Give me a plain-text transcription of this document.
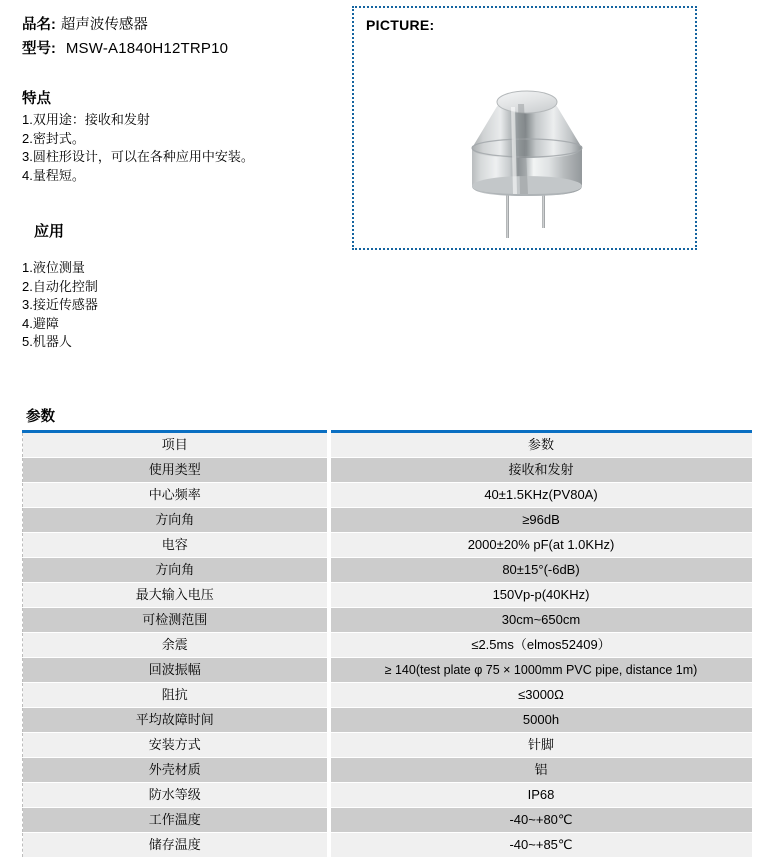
品名: 超声波传感器
型号: MSW-A1840H12TRP10
特点
1.双用途：接收和发射
2.密封式。
3.圆柱形设计，可以在各种应用中安装。
4.量程短。
应用
1.液位测量
2.自动化控制
3.接近传感器
4.避障
5.机器人
PICTURE:
参数
项目	参数
使用类型	接收和发射
中心频率	40±1.5KHz(PV80A)
方向角	≥96dB
电容	2000±20% pF(at 1.0KHz)
方向角	80±15°(-6dB)
最大输入电压	150Vp-p(40KHz)
可检测范围	30cm~650cm
余震	≤2.5ms（elmos52409）
回波振幅	≥ 140(test plate φ 75 × 1000mm PVC pipe, distance 1m)
阻抗	≤3000Ω
平均故障时间	5000h
安装方式	针脚
外壳材质	铝
防水等级	IP68
工作温度	-40~+80℃
储存温度	-40~+85℃
